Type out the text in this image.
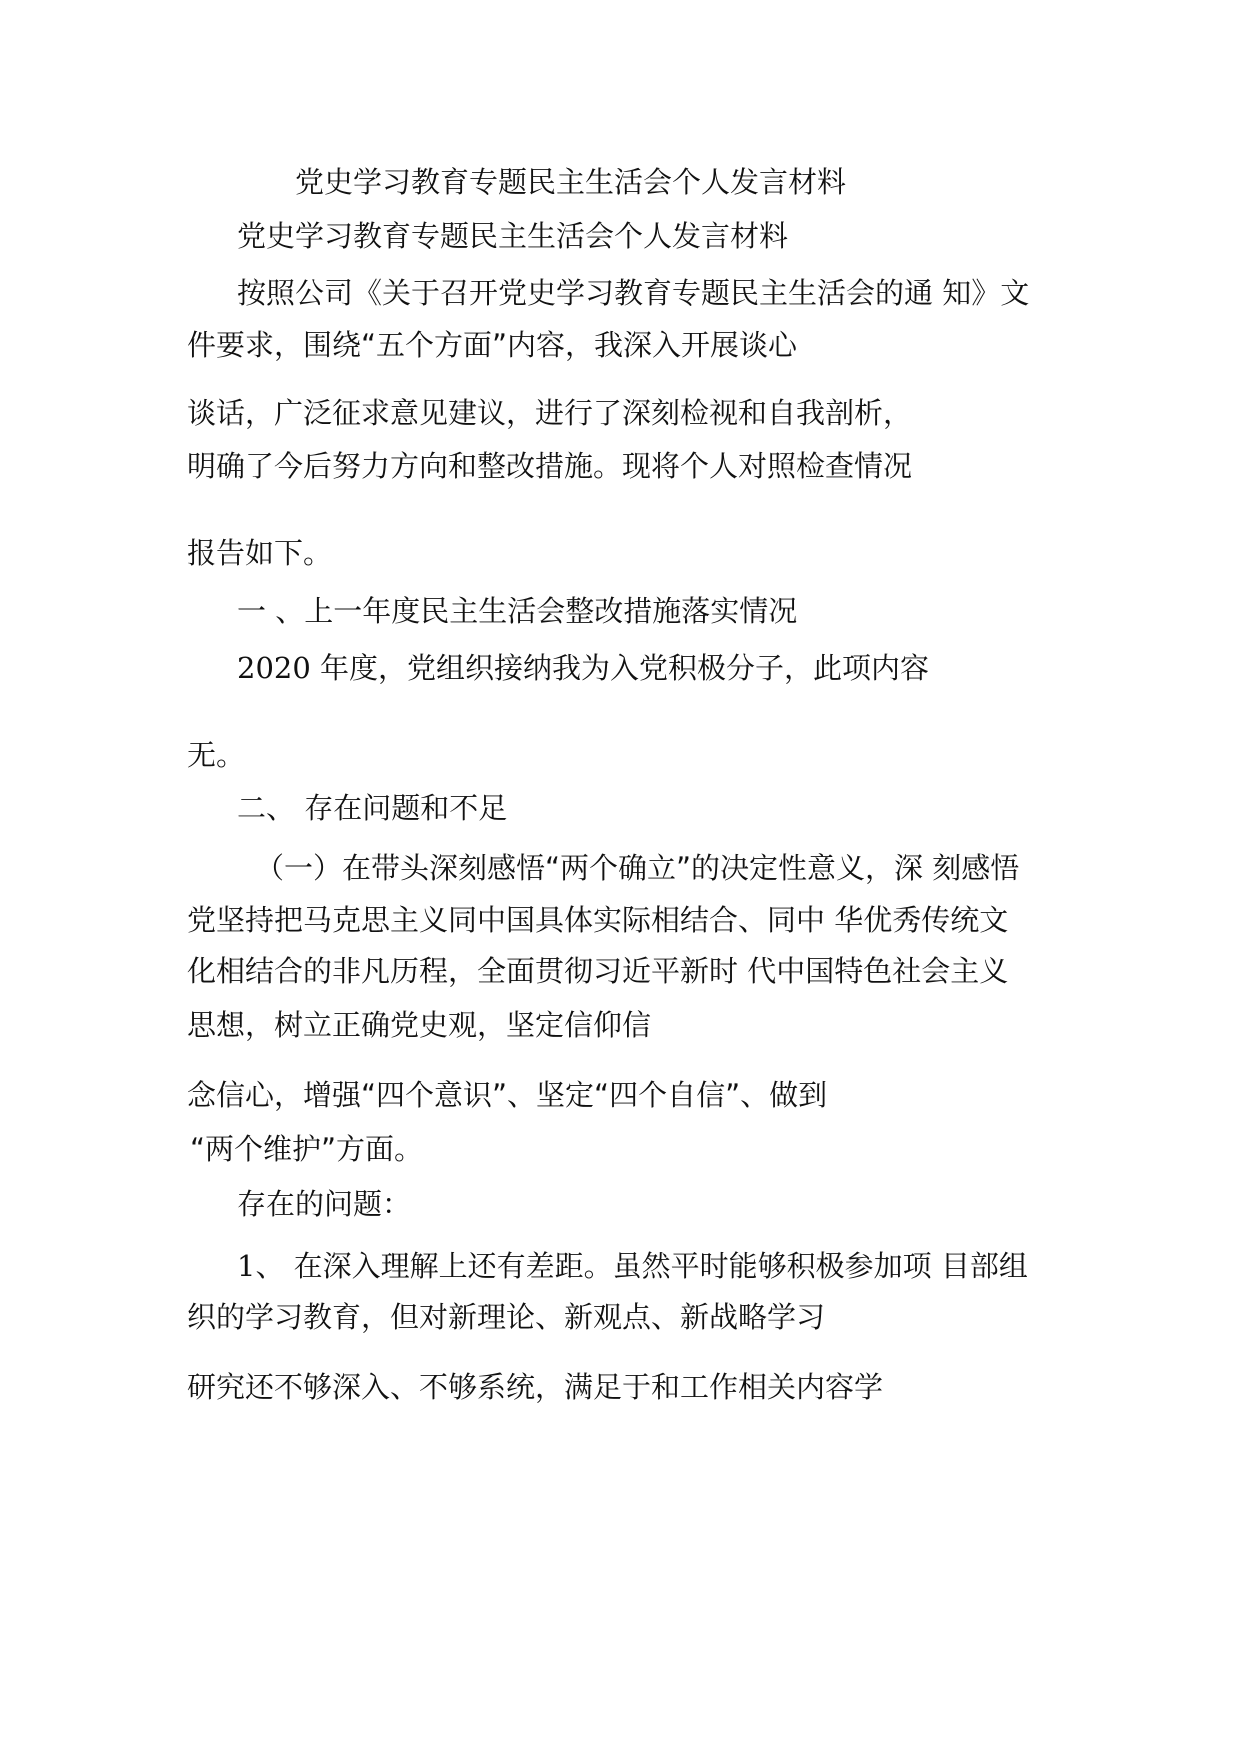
党史学习教育专题民主生活会个人发言材料
党史学习教育专题民主生活会个人发言材料
按照公司《关于召开党史学习教育专题民主生活会的通 知》文
件要求，围绕“五个方面”内容，我深入开展谈心
谈话，广泛征求意见建议，进行了深刻检视和自我剖析，
明确了今后努力方向和整改措施。现将个人对照检查情况
报告如下。
一 、上一年度民主生活会整改措施落实情况
2020 年度，党组织接纳我为入党积极分子，此项内容
无。
二、 存在问题和不足
（一）在带头深刻感悟“两个确立”的决定性意义，深 刻感悟
党坚持把马克思主义同中国具体实际相结合、同中 华优秀传统文
化相结合的非凡历程，全面贯彻习近平新时 代中国特色社会主义
思想，树立正确党史观，坚定信仰信
念信心，增强“四个意识”、坚定“四个自信”、做到
“两个维护”方面。
存在的问题：
1、 在深入理解上还有差距。虽然平时能够积极参加项 目部组
织的学习教育，但对新理论、新观点、新战略学习
研究还不够深入、不够系统，满足于和工作相关内容学
